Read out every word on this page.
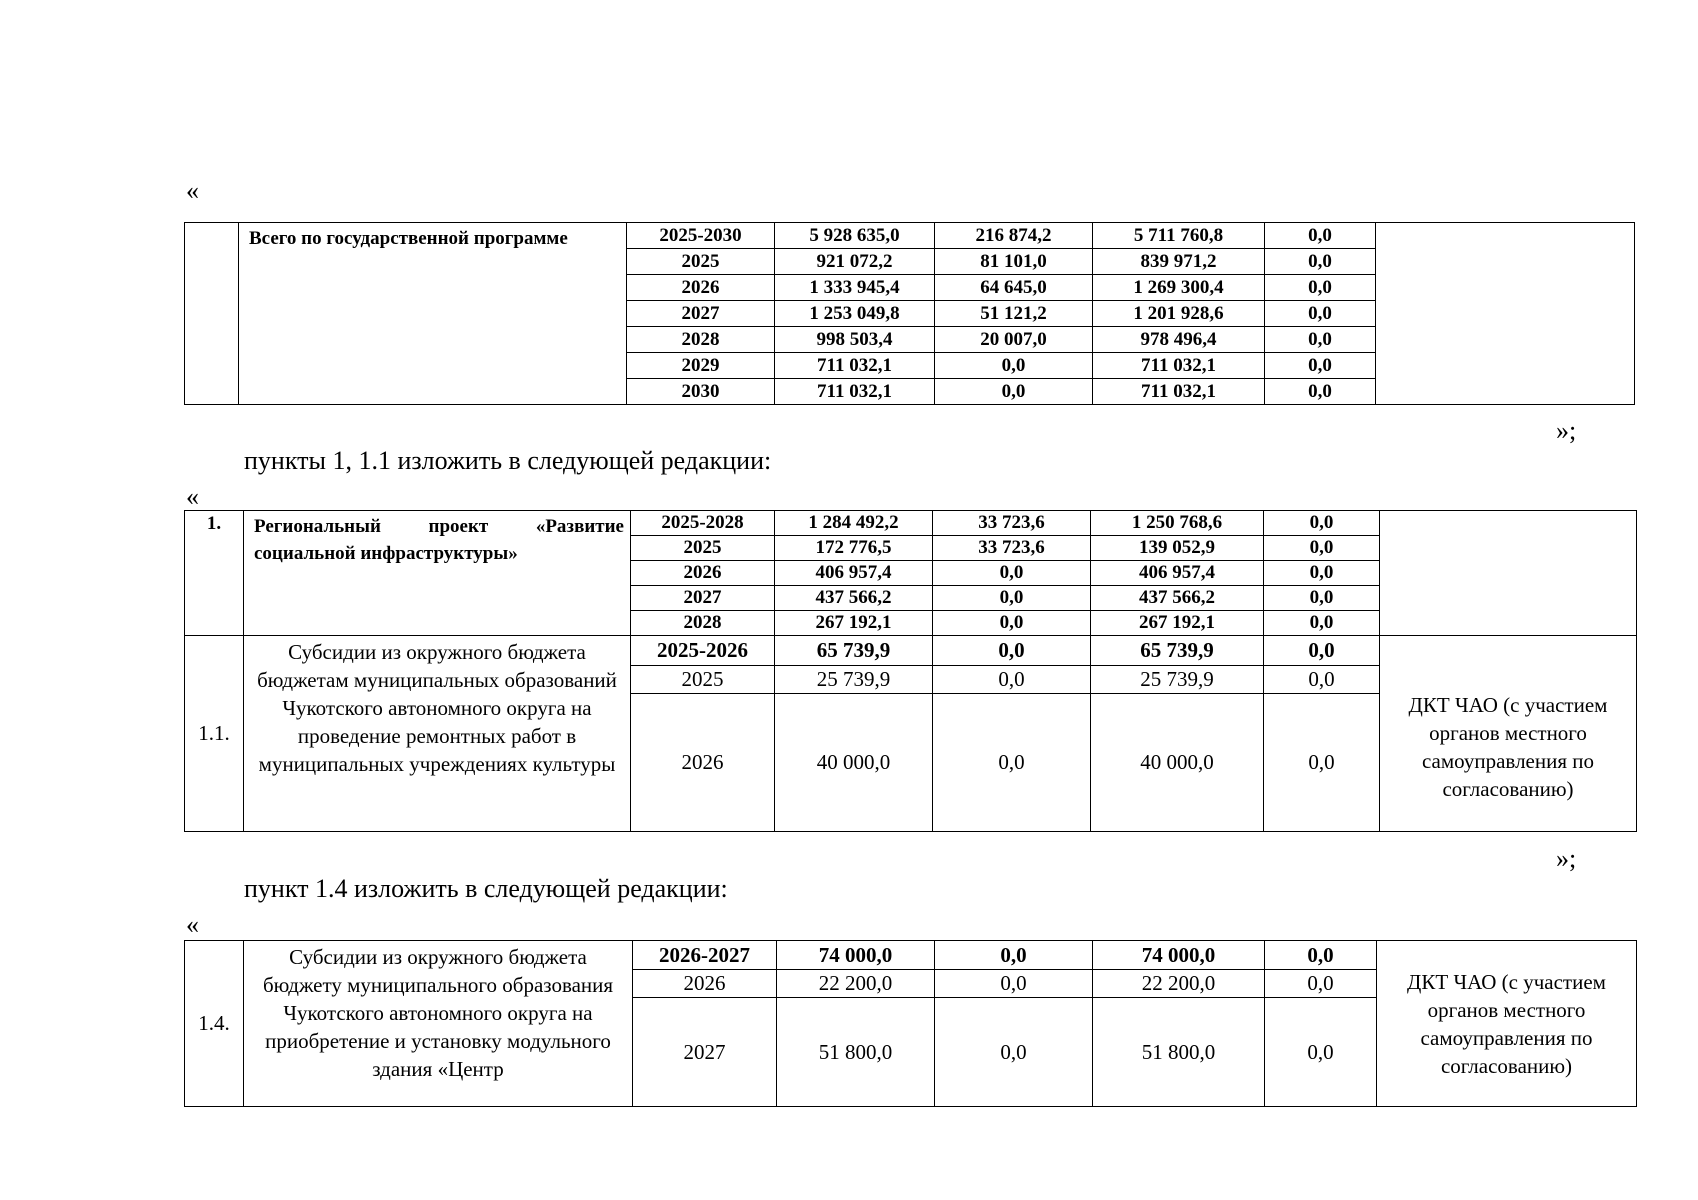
«
	Всего по государственной программе	2025-2030	5 928 635,0	216 874,2	5 711 760,8	0,0	
		2025	921 072,2	81 101,0	839 971,2	0,0	
		2026	1 333 945,4	64 645,0	1 269 300,4	0,0	
		2027	1 253 049,8	51 121,2	1 201 928,6	0,0	
		2028	998 503,4	20 007,0	978 496,4	0,0	
		2029	711 032,1	0,0	711 032,1	0,0	
		2030	711 032,1	0,0	711 032,1	0,0	
»;
пункты 1, 1.1 изложить в следующей редакции:
«
1.	Региональный проект «Развитие социальной инфраструктуры»	2025-2028	1 284 492,2	33 723,6	1 250 768,6	0,0	
		2025	172 776,5	33 723,6	139 052,9	0,0	
		2026	406 957,4	0,0	406 957,4	0,0	
		2027	437 566,2	0,0	437 566,2	0,0	
		2028	267 192,1	0,0	267 192,1	0,0	
1.1.	Субсидии из окружного бюджета бюджетам муниципальных образований Чукотского автономного округа на проведение ремонтных работ в муниципальных учреждениях культуры	2025-2026	65 739,9	0,0	65 739,9	0,0	ДКТ ЧАО (с участием органов местного самоуправления по согласованию)
		2025	25 739,9	0,0	25 739,9	0,0	
		2026	40 000,0	0,0	40 000,0	0,0	
»;
пункт 1.4 изложить в следующей редакции:
«
1.4.	Субсидии из окружного бюджета бюджету муниципального образования Чукотского автономного округа на приобретение и установку модульного здания «Центр	2026-2027	74 000,0	0,0	74 000,0	0,0	ДКТ ЧАО (с участием органов местного самоуправления по согласованию)
		2026	22 200,0	0,0	22 200,0	0,0	
		2027	51 800,0	0,0	51 800,0	0,0	
